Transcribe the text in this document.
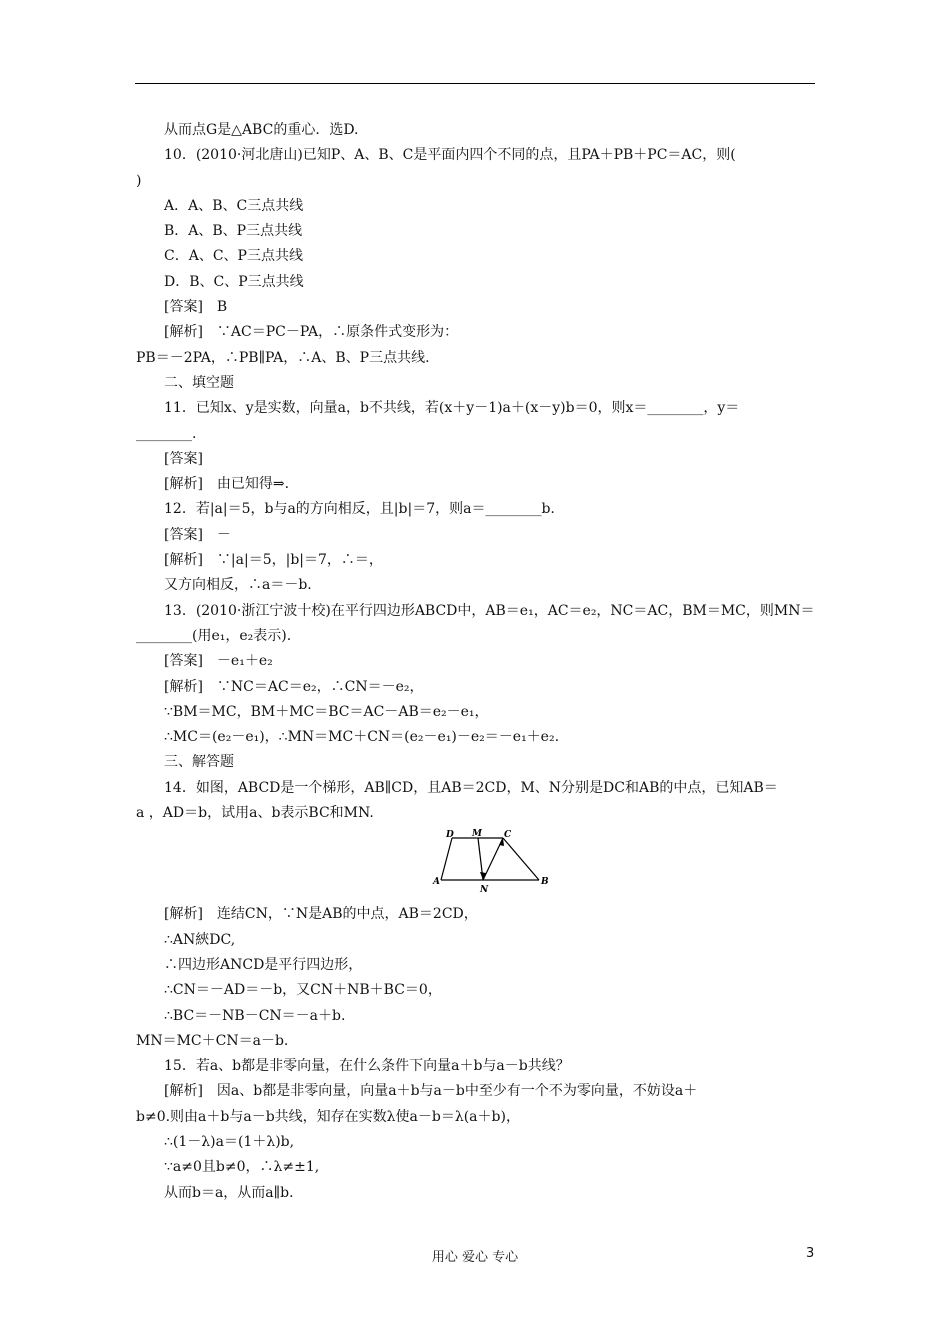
从而点G是△ABC的重心．选D.
10．(2010·河北唐山)已知P、A、B、C是平面内四个不同的点，且PA＋PB＋PC＝AC，则(
)
A．A、B、C三点共线
B．A、B、P三点共线
C．A、C、P三点共线
D．B、C、P三点共线
[答案]　B
[解析]　∵AC＝PC－PA，∴原条件式变形为：
PB＝－2PA，∴PB∥PA，∴A、B、P三点共线.
二、填空题
11．已知x、y是实数，向量a，b不共线，若(x＋y－1)a＋(x－y)b＝0，则x＝________，y＝
________.
[答案]
[解析]　由已知得⇒.
12．若|a|＝5，b与a的方向相反，且|b|＝7，则a＝________b.
[答案]　－
[解析]　∵|a|＝5，|b|＝7，∴＝，
又方向相反，∴a＝－b.
13．(2010·浙江宁波十校)在平行四边形ABCD中，AB＝e₁，AC＝e₂，NC＝AC，BM＝MC，则MN＝
________(用e₁，e₂表示).
[答案]　－e₁＋e₂
[解析]　∵NC＝AC＝e₂，∴CN＝－e₂，
∵BM＝MC，BM＋MC＝BC＝AC－AB＝e₂－e₁，
∴MC＝(e₂－e₁)，∴MN＝MC＋CN＝(e₂－e₁)－e₂＝－e₁＋e₂.
三、解答题
14．如图，ABCD是一个梯形，AB∥CD，且AB＝2CD，M、N分别是DC和AB的中点，已知AB＝
a ，AD＝b，试用a、b表示BC和MN.
D M C
A
N
B
[解析]　连结CN，∵N是AB的中点，AB＝2CD，
∴AN綊DC,
∴四边形ANCD是平行四边形，
∴CN＝－AD＝－b，又CN＋NB＋BC＝0，
∴BC＝－NB－CN＝－a＋b.
MN＝MC＋CN＝a－b.
15．若a、b都是非零向量，在什么条件下向量a＋b与a－b共线？
[解析]　因a、b都是非零向量，向量a＋b与a－b中至少有一个不为零向量，不妨设a＋
b≠0.则由a＋b与a－b共线，知存在实数λ使a－b＝λ(a＋b)，
∴(1－λ)a＝(1＋λ)b,
∵a≠0且b≠0，∴λ≠±1,
从而b＝a，从而a∥b.
用心 爱心 专心	3
